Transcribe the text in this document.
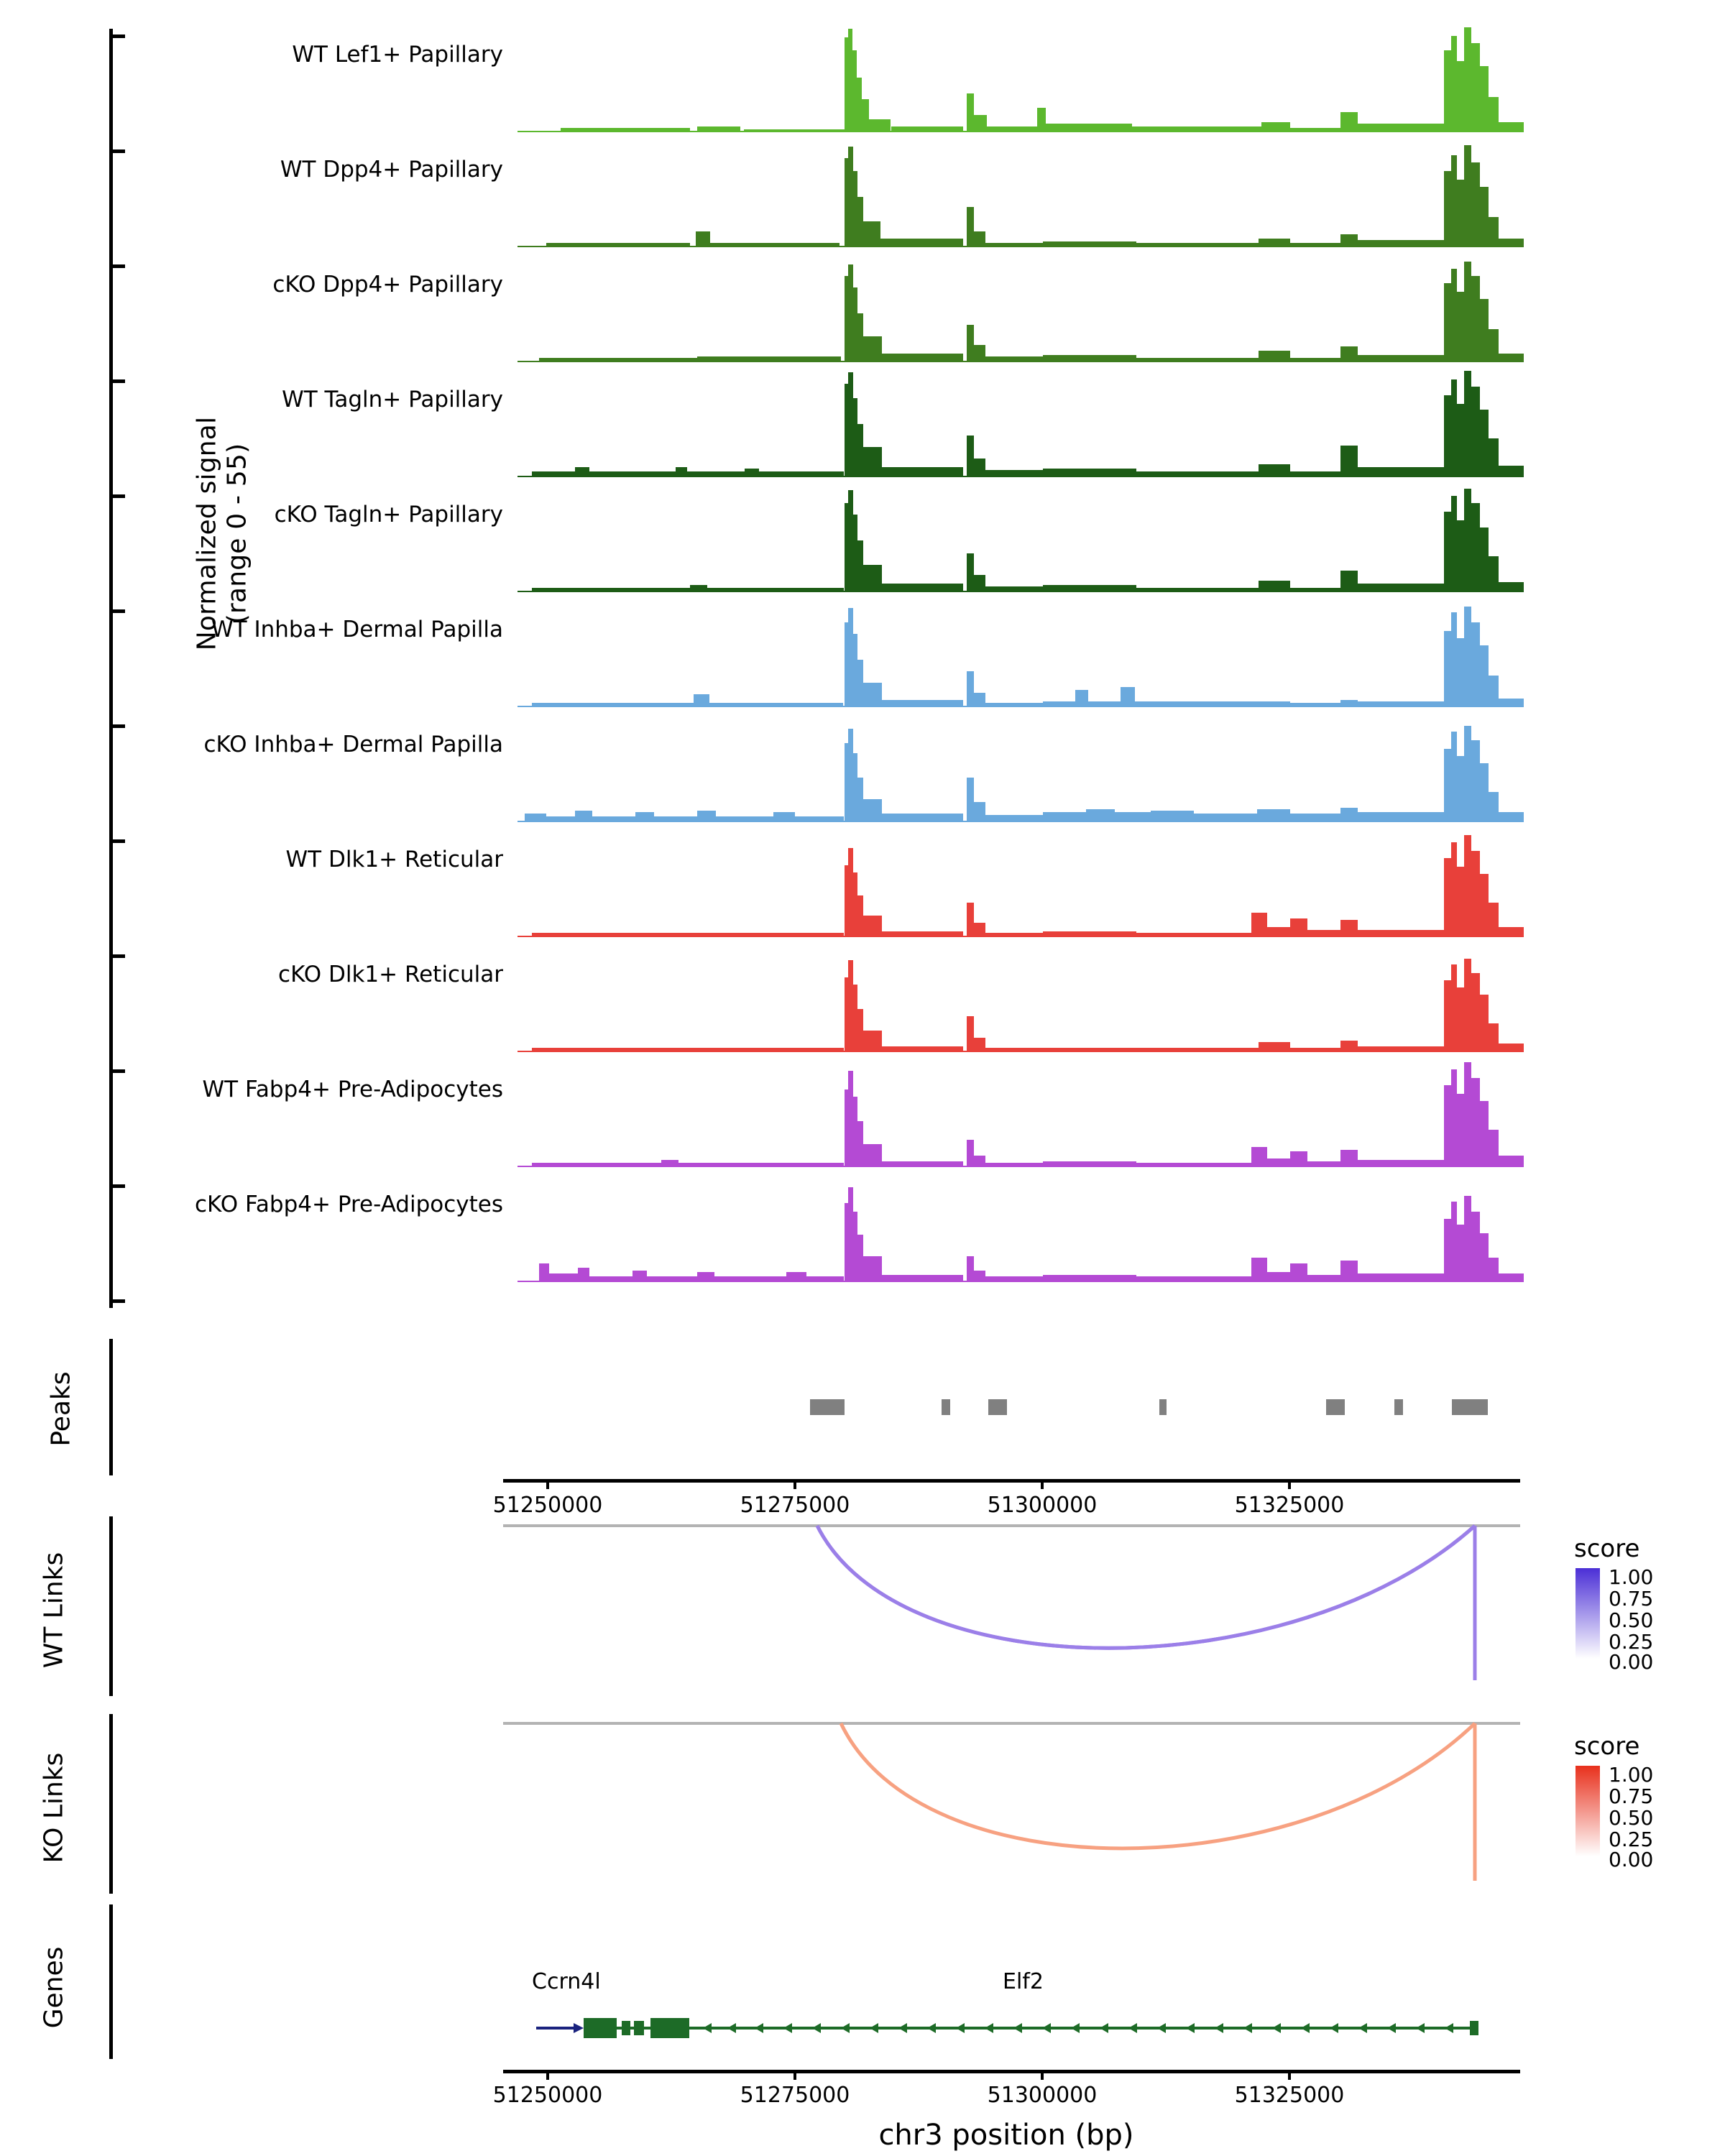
Normalized signal (range 0 - 55)
WT Lef1+ Papillary
WT Dpp4+ Papillary
cKO Dpp4+ Papillary
WT Tagln+ Papillary
cKO Tagln+ Papillary
WT Inhba+ Dermal Papilla
cKO Inhba+ Dermal Papilla
WT Dlk1+ Reticular
cKO Dlk1+ Reticular
WT Fabp4+ Pre-Adipocytes
cKO Fabp4+ Pre-Adipocytes
Peaks
51250000	51275000	51300000	51325000
WT Links
score
1.00
0.75
0.50
0.25
0.00
KO Links
score
1.00
0.75
0.50
0.25
0.00
Genes	Ccrn4l	Elf2
51250000	51275000	51300000	51325000
chr3 position (bp)
